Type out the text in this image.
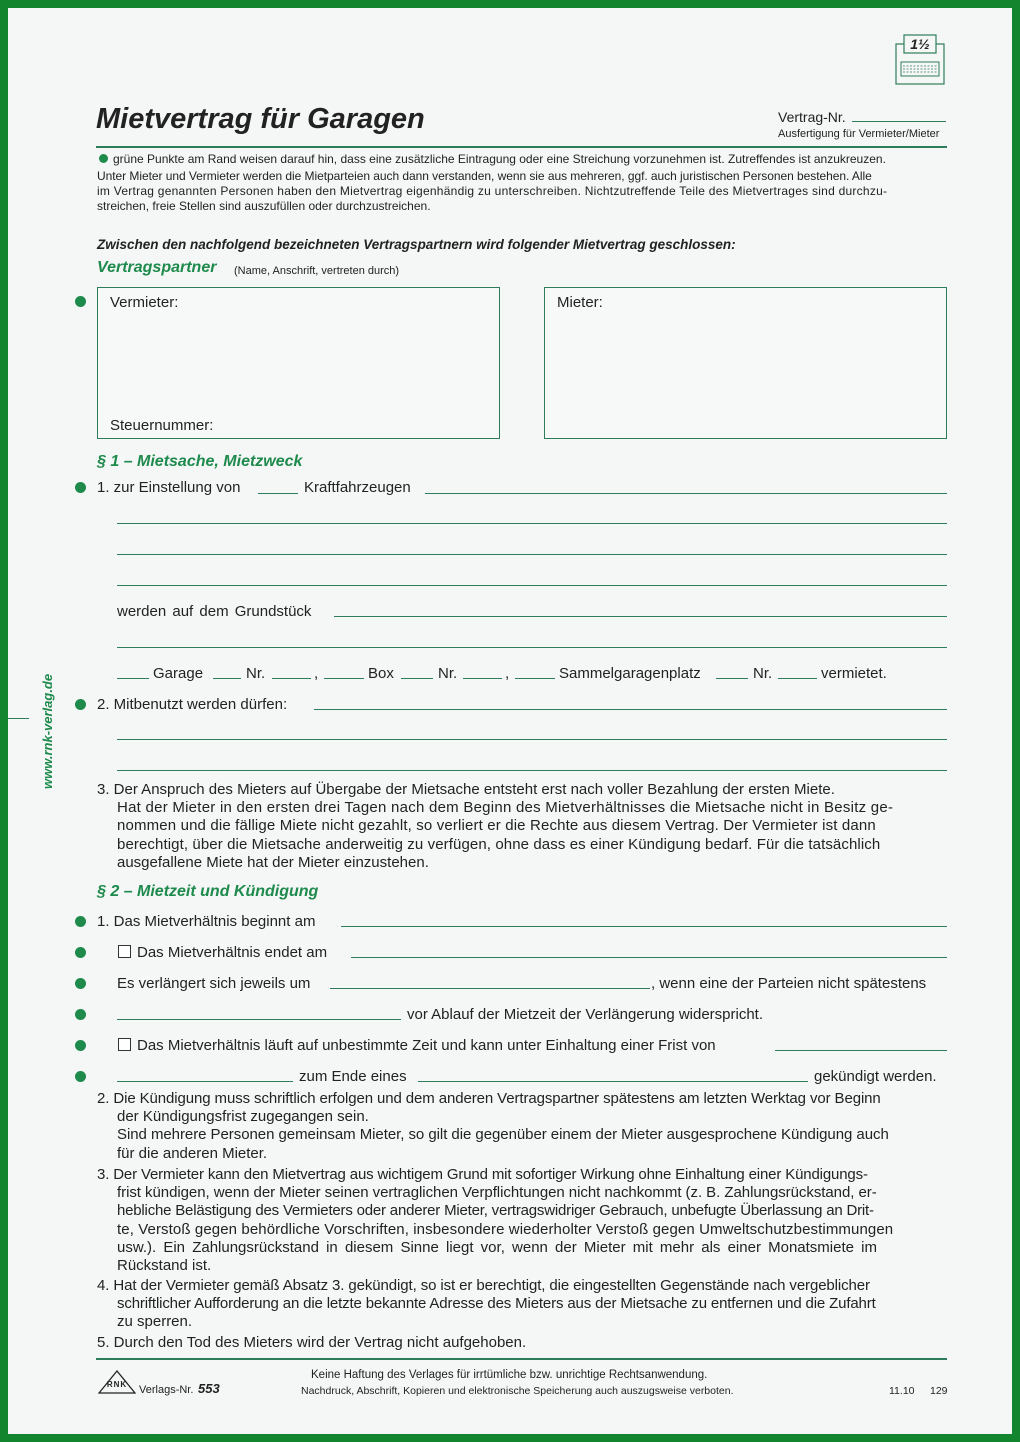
1½
Mietvertrag für Garagen	Vertrag-Nr.
Ausfertigung für Vermieter/Mieter
grüne Punkte am Rand weisen darauf hin, dass eine zusätzliche Eintragung oder eine Streichung vorzunehmen ist. Zutreffendes ist anzukreuzen.
Unter Mieter und Vermieter werden die Mietparteien auch dann verstanden, wenn sie aus mehreren, ggf. auch juristischen Personen bestehen. Alle
im Vertrag genannten Personen haben den Mietvertrag eigenhändig zu unterschreiben. Nichtzutreffende Teile des Mietvertrages sind durchzu-
streichen, freie Stellen sind auszufüllen oder durchzustreichen.
Zwischen den nachfolgend bezeichneten Vertragspartnern wird folgender Mietvertrag geschlossen:
Vertragspartner (Name, Anschrift, vertreten durch)
Vermieter:
Steuernummer:
Mieter:
§ 1 – Mietsache, Mietzweck
1. zur Einstellung von	Kraftfahrzeugen
werden auf dem Grundstück
Garage	Nr.	,	Box	Nr.	,	Sammelgaragenplatz	Nr.	vermietet.
2. Mitbenutzt werden dürfen:
3. Der Anspruch des Mieters auf Übergabe der Mietsache entsteht erst nach voller Bezahlung der ersten Miete.
Hat der Mieter in den ersten drei Tagen nach dem Beginn des Mietverhältnisses die Mietsache nicht in Besitz ge-
nommen und die fällige Miete nicht gezahlt, so verliert er die Rechte aus diesem Vertrag. Der Vermieter ist dann
berechtigt, über die Mietsache anderweitig zu verfügen, ohne dass es einer Kündigung bedarf. Für die tatsächlich
ausgefallene Miete hat der Mieter einzustehen.
§ 2 – Mietzeit und Kündigung
1. Das Mietverhältnis beginnt am
Das Mietverhältnis endet am
Es verlängert sich jeweils um	, wenn eine der Parteien nicht spätestens
vor Ablauf der Mietzeit der Verlängerung widerspricht.
Das Mietverhältnis läuft auf unbestimmte Zeit und kann unter Einhaltung einer Frist von
zum Ende eines	gekündigt werden.
2. Die Kündigung muss schriftlich erfolgen und dem anderen Vertragspartner spätestens am letzten Werktag vor Beginn
der Kündigungsfrist zugegangen sein.
Sind mehrere Personen gemeinsam Mieter, so gilt die gegenüber einem der Mieter ausgesprochene Kündigung auch
für die anderen Mieter.
3. Der Vermieter kann den Mietvertrag aus wichtigem Grund mit sofortiger Wirkung ohne Einhaltung einer Kündigungs-
frist kündigen, wenn der Mieter seinen vertraglichen Verpflichtungen nicht nachkommt (z. B. Zahlungsrückstand, er-
hebliche Belästigung des Vermieters oder anderer Mieter, vertragswidriger Gebrauch, unbefugte Überlassung an Drit-
te, Verstoß gegen behördliche Vorschriften, insbesondere wiederholter Verstoß gegen Umweltschutzbestimmungen
usw.). Ein Zahlungsrückstand in diesem Sinne liegt vor, wenn der Mieter mit mehr als einer Monatsmiete im
Rückstand ist.
4. Hat der Vermieter gemäß Absatz 3. gekündigt, so ist er berechtigt, die eingestellten Gegenstände nach vergeblicher
schriftlicher Aufforderung an die letzte bekannte Adresse des Mieters aus der Mietsache zu entfernen und die Zufahrt
zu sperren.
5. Durch den Tod des Mieters wird der Vertrag nicht aufgehoben.
RNK	Verlags-Nr. 553
Keine Haftung des Verlages für irrtümliche bzw. unrichtige Rechtsanwendung.
Nachdruck, Abschrift, Kopieren und elektronische Speicherung auch auszugsweise verboten.	11.10 129
www.rnk-verlag.de
